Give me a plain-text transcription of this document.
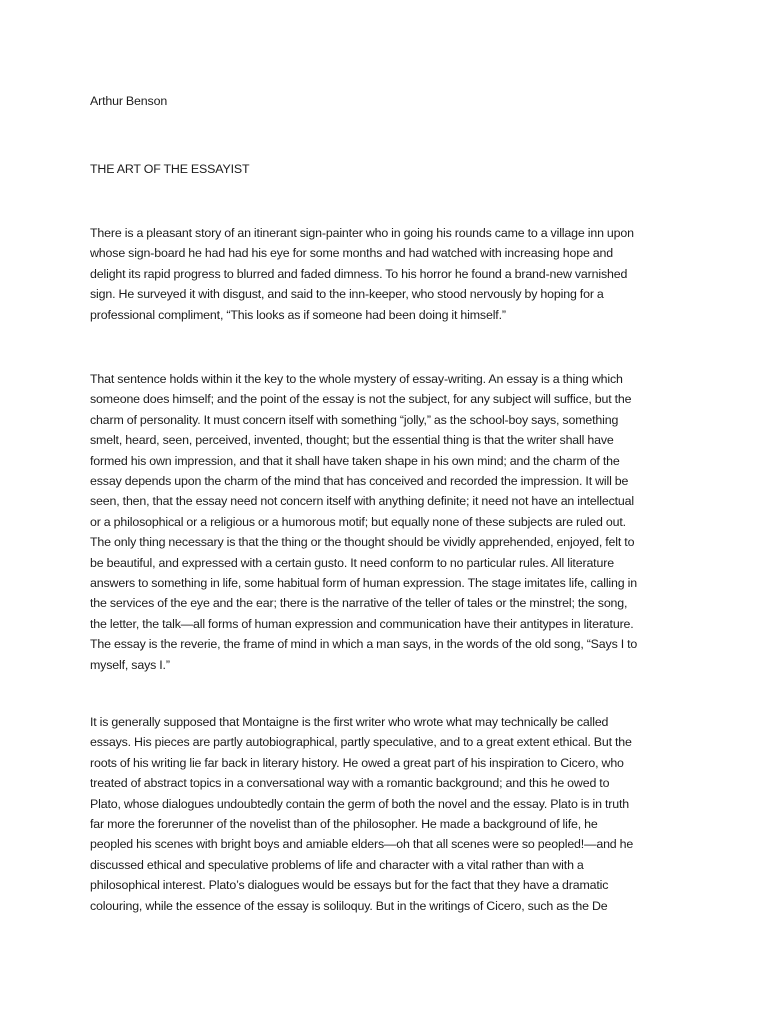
Arthur Benson
THE ART OF THE ESSAYIST
There is a pleasant story of an itinerant sign-painter who in going his rounds came to a village inn upon
whose sign-board he had had his eye for some months and had watched with increasing hope and
delight its rapid progress to blurred and faded dimness. To his horror he found a brand-new varnished
sign. He surveyed it with disgust, and said to the inn-keeper, who stood nervously by hoping for a
professional compliment, “This looks as if someone had been doing it himself.”
That sentence holds within it the key to the whole mystery of essay-writing. An essay is a thing which
someone does himself; and the point of the essay is not the subject, for any subject will suffice, but the
charm of personality. It must concern itself with something “jolly,” as the school-boy says, something
smelt, heard, seen, perceived, invented, thought; but the essential thing is that the writer shall have
formed his own impression, and that it shall have taken shape in his own mind; and the charm of the
essay depends upon the charm of the mind that has conceived and recorded the impression. It will be
seen, then, that the essay need not concern itself with anything definite; it need not have an intellectual
or a philosophical or a religious or a humorous motif; but equally none of these subjects are ruled out.
The only thing necessary is that the thing or the thought should be vividly apprehended, enjoyed, felt to
be beautiful, and expressed with a certain gusto. It need conform to no particular rules. All literature
answers to something in life, some habitual form of human expression. The stage imitates life, calling in
the services of the eye and the ear; there is the narrative of the teller of tales or the minstrel; the song,
the letter, the talk—all forms of human expression and communication have their antitypes in literature.
The essay is the reverie, the frame of mind in which a man says, in the words of the old song, “Says I to
myself, says I.”
It is generally supposed that Montaigne is the first writer who wrote what may technically be called
essays. His pieces are partly autobiographical, partly speculative, and to a great extent ethical. But the
roots of his writing lie far back in literary history. He owed a great part of his inspiration to Cicero, who
treated of abstract topics in a conversational way with a romantic background; and this he owed to
Plato, whose dialogues undoubtedly contain the germ of both the novel and the essay. Plato is in truth
far more the forerunner of the novelist than of the philosopher. He made a background of life, he
peopled his scenes with bright boys and amiable elders—oh that all scenes were so peopled!—and he
discussed ethical and speculative problems of life and character with a vital rather than with a
philosophical interest. Plato’s dialogues would be essays but for the fact that they have a dramatic
colouring, while the essence of the essay is soliloquy. But in the writings of Cicero, such as the De
